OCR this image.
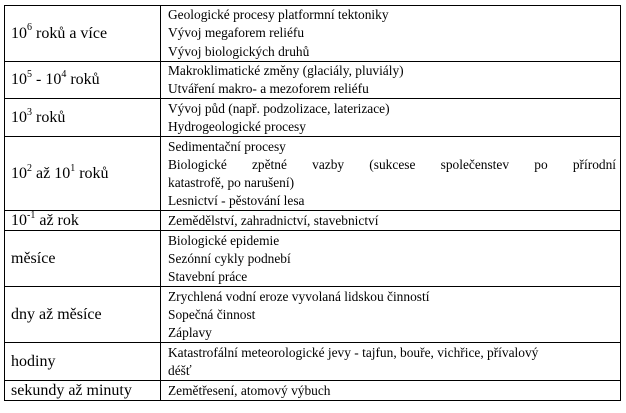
$10^6$ roků a více	Geologické procesy platformní tektoniky
Vývoj megaforem reliéfu
Vývoj biologických druhů

$10^5 - 10^4$ roků	Makroklimatické změny (glaciály, pluviály)
Utváření makro- a mezoforem reliéfu

$10^3$ roků	Vývoj půd (např. podzolizace, laterizace)
Hydrogeologické procesy

$10^2$ až $10^1$ roků	Sedimentační procesy
Biologické zpětné vazby (sukcese společenstev po přírodní
katastrofě, po narušení)
Lesnictví - pěstování lesa

$10^{-1}$ až rok	Zemědělství, zahradnictví, stavebnictví

měsíce	Biologické epidemie
Sezónní cykly podnebí
Stavební práce

dny až měsíce	Zrychlená vodní eroze vyvolaná lidskou činností
Sopečná činnost
Záplavy

hodiny	Katastrofální meteorologické jevy - tajfun, bouře, vichřice, přívalový
déšť

sekundy až minuty	Zemětřesení, atomový výbuch
